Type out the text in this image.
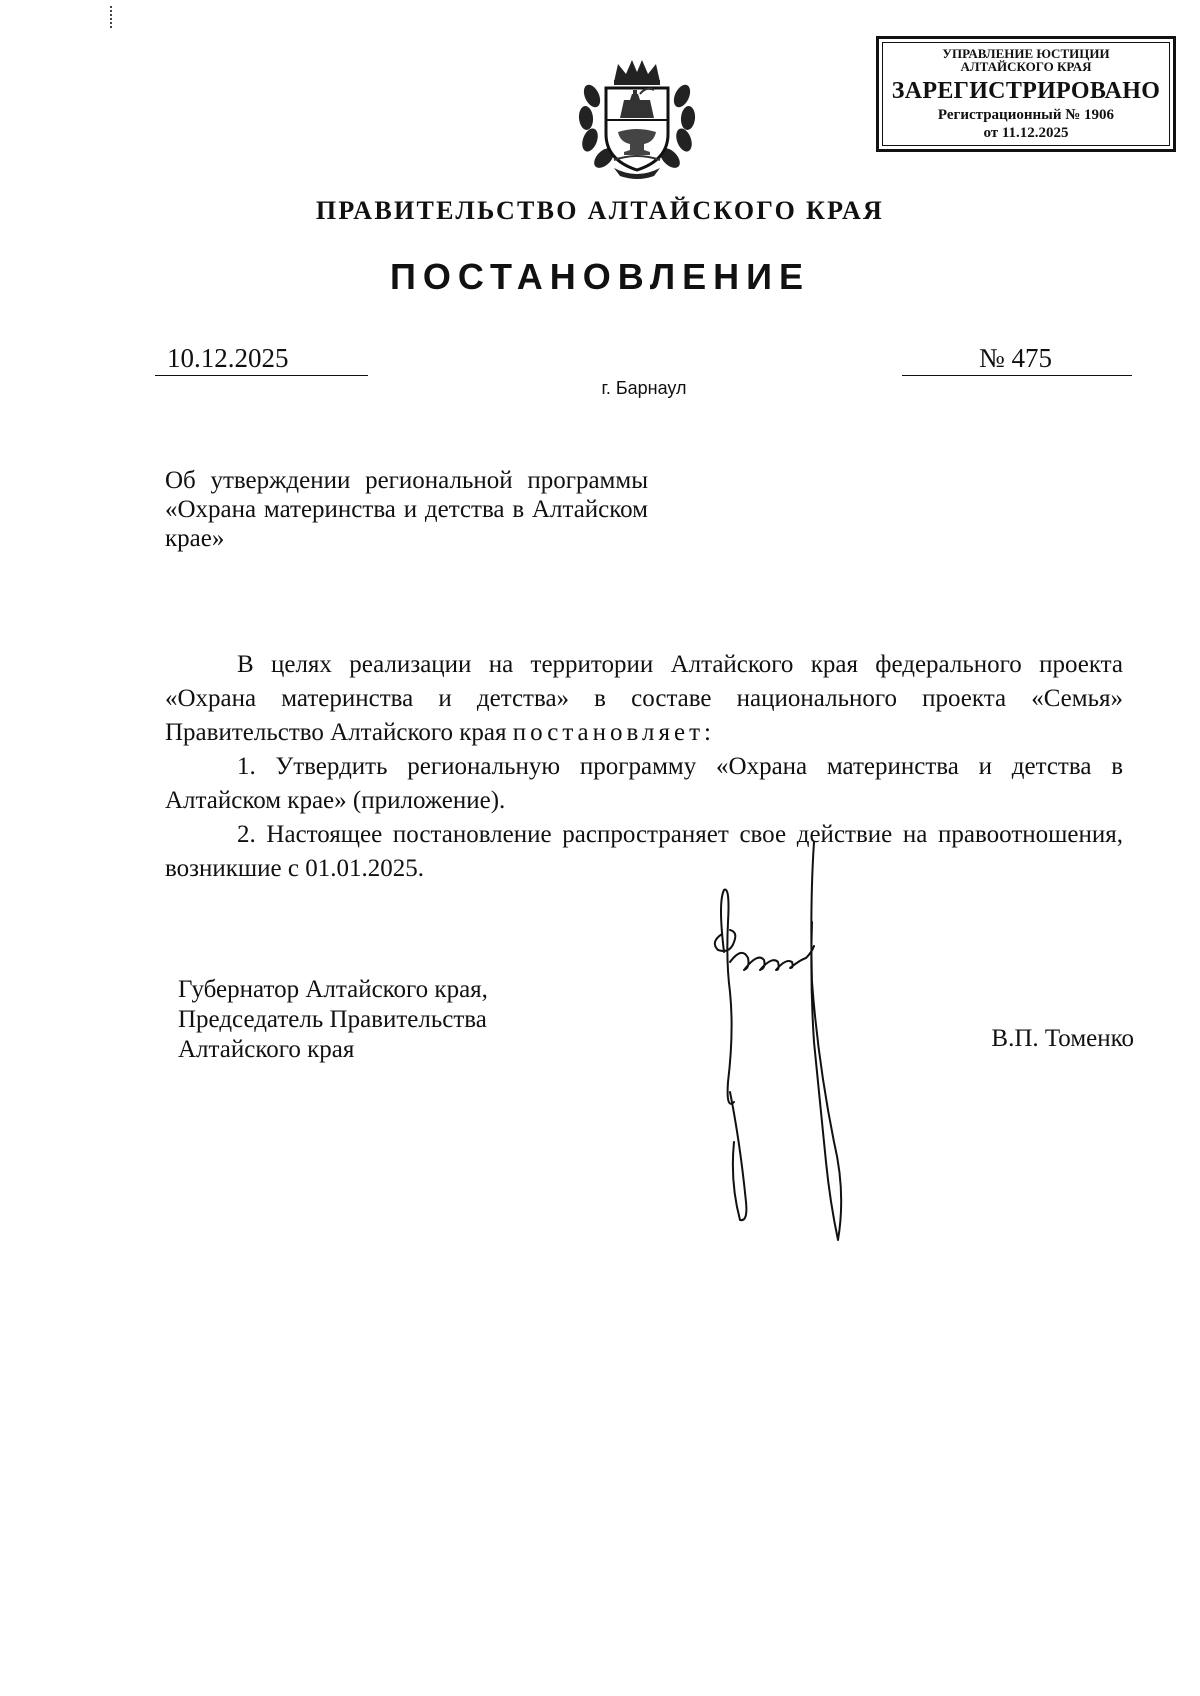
УПРАВЛЕНИЕ ЮСТИЦИИ
АЛТАЙСКОГО КРАЯ
ЗАРЕГИСТРИРОВАНО
Регистрационный № 1906
от 11.12.2025
ПРАВИТЕЛЬСТВО АЛТАЙСКОГО КРАЯ
ПОСТАНОВЛЕНИЕ
10.12.2025	№ 475
г. Барнаул
Об утверждении региональной программы «Охрана материнства и детства в Алтайском крае»

В целях реализации на территории Алтайского края федерального проекта «Охрана материнства и детства» в составе национального проекта «Семья» Правительство Алтайского края постановляет:

1. Утвердить региональную программу «Охрана материнства и детства в Алтайском крае» (приложение).

2. Настоящее постановление распространяет свое действие на правоотношения, возникшие с 01.01.2025.

Губернатор Алтайского края,
Председатель Правительства
Алтайского края	В.П. Томенко
